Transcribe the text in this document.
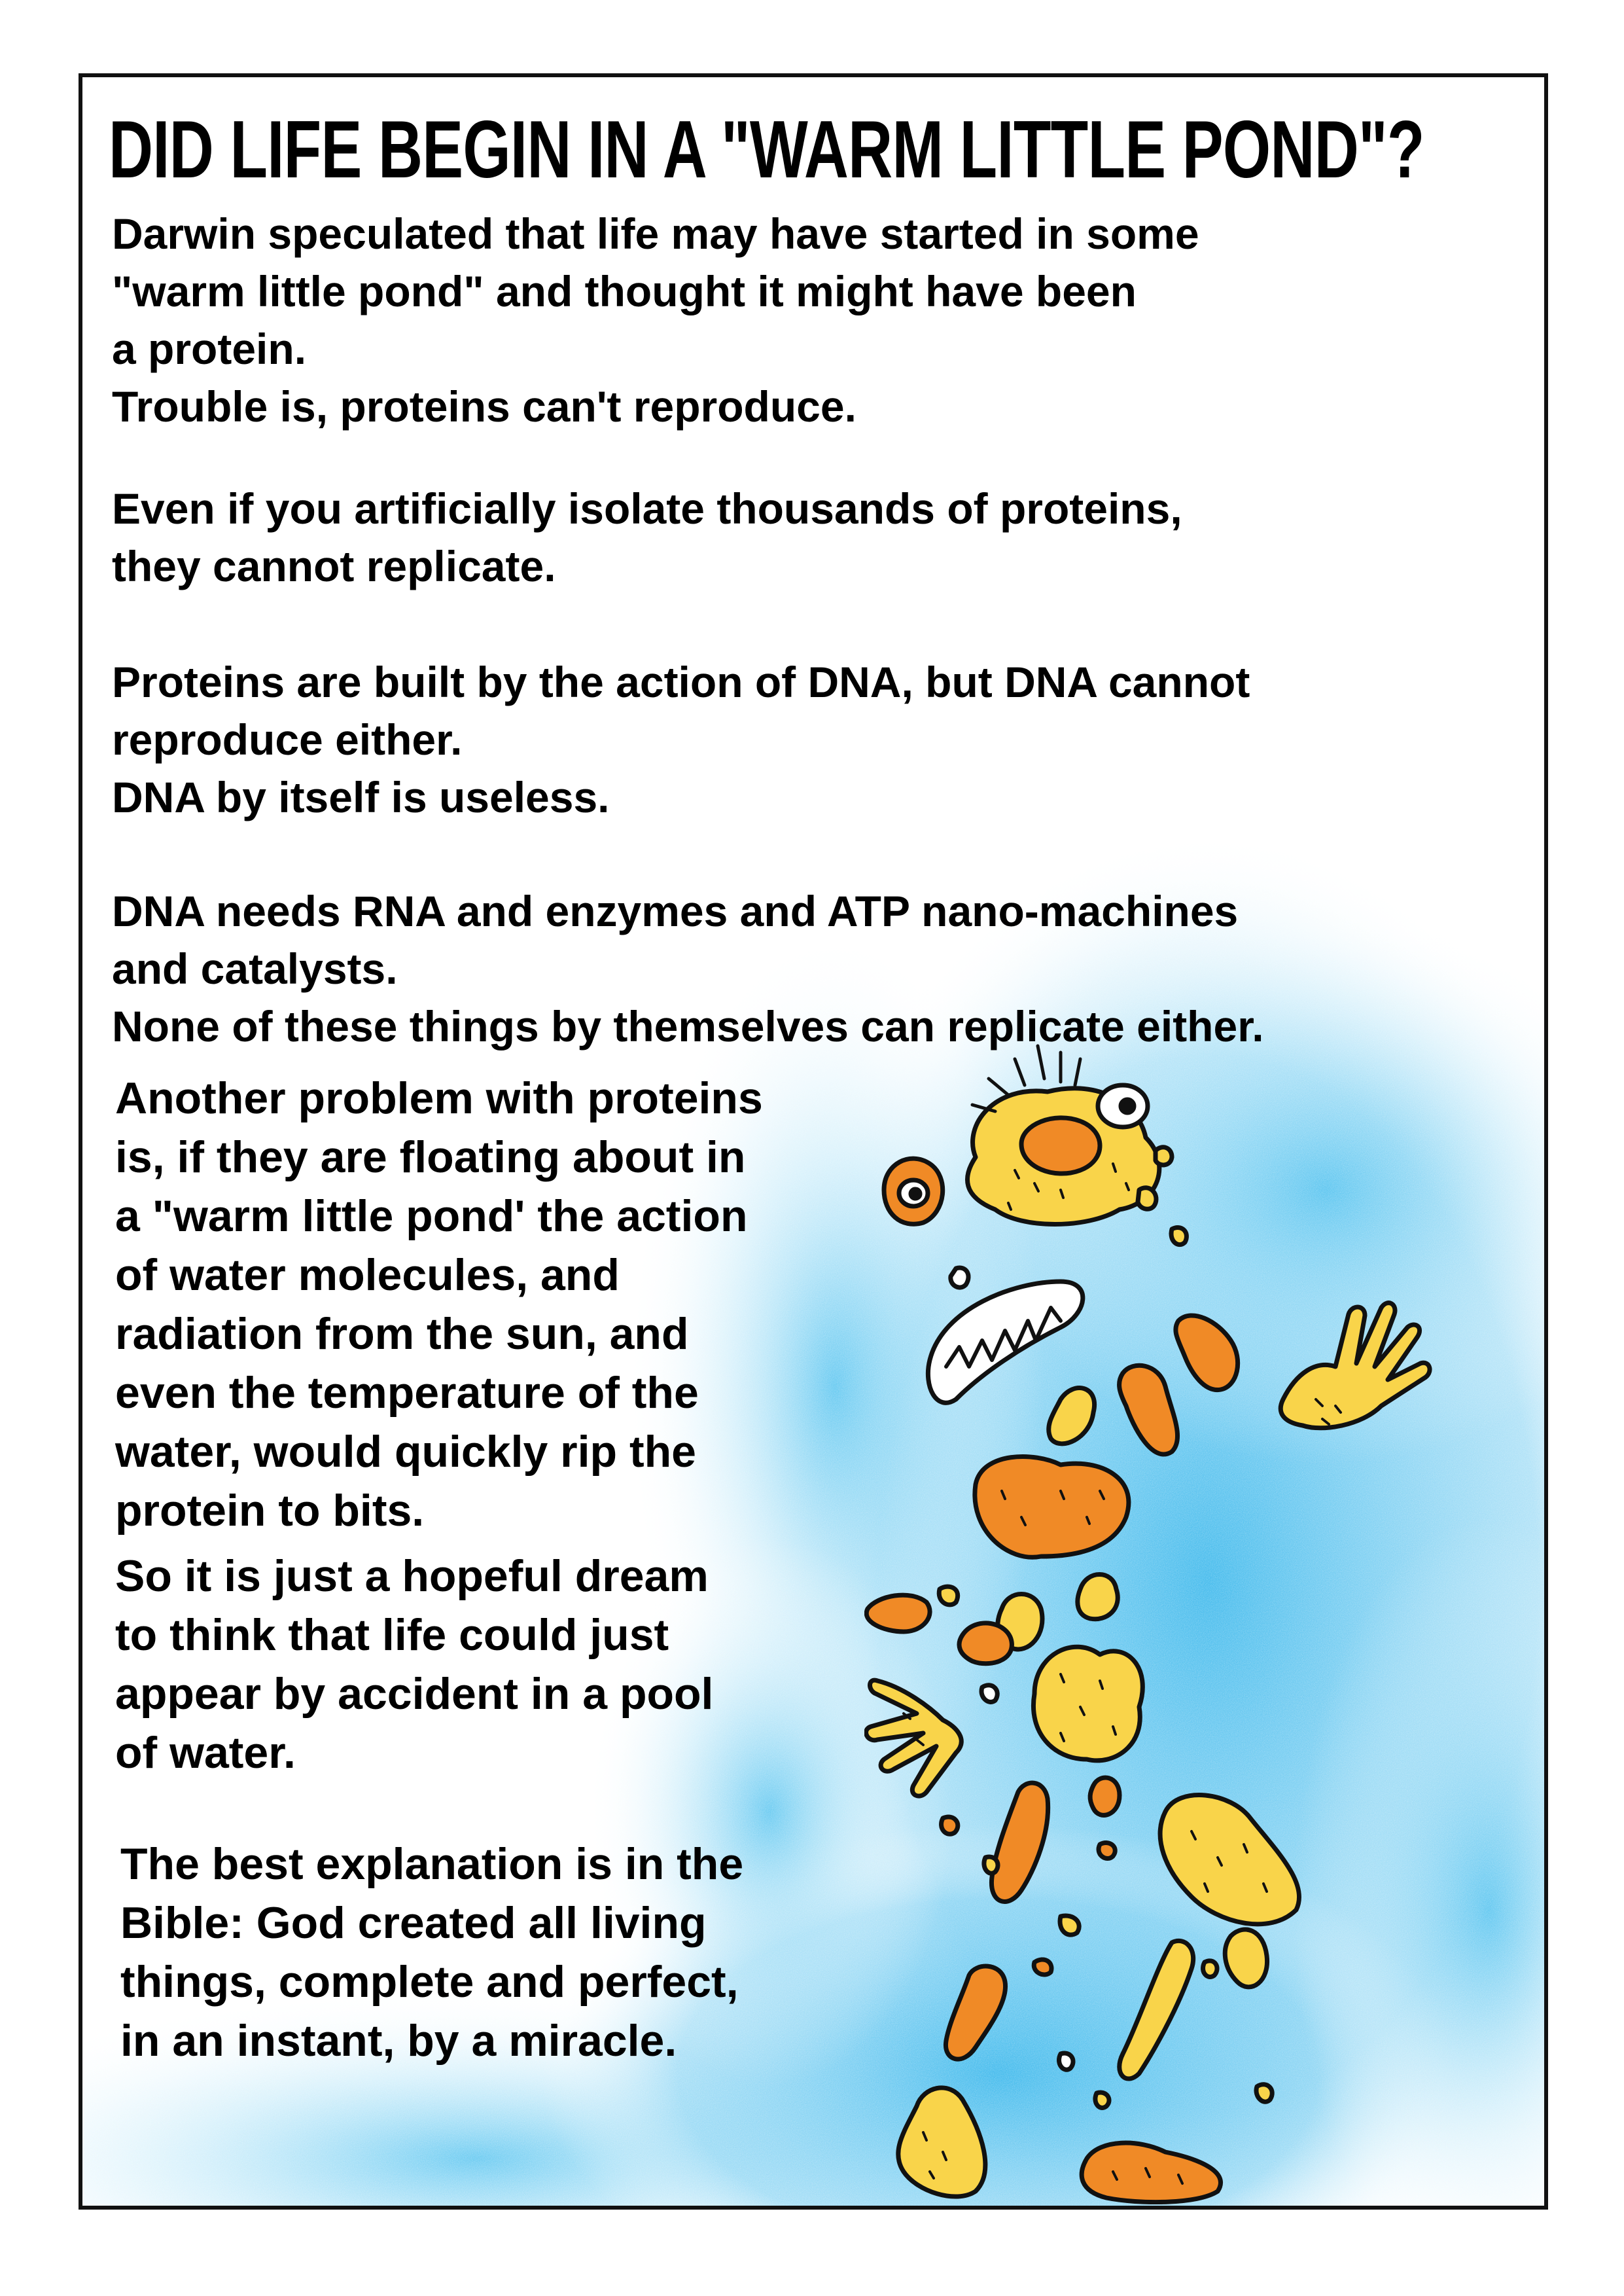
DID LIFE BEGIN IN A "WARM LITTLE POND"?

Darwin speculated that life may have started in some
"warm little pond" and thought it might have been
a protein.
Trouble is, proteins can't reproduce.

Even if you artificially isolate thousands of proteins,
they cannot replicate.

Proteins are built by the action of DNA, but DNA cannot
reproduce either.
DNA by itself is useless.

DNA needs RNA and enzymes and ATP nano-machines
and catalysts.
None of these things by themselves can replicate either.

Another problem with proteins
is, if they are floating about in
a "warm little pond' the action
of water molecules, and
radiation from the sun, and
even the temperature of the
water, would quickly rip the
protein to bits.

So it is just a hopeful dream
to think that life could just
appear by accident in a pool
of water.

The best explanation is in the
Bible: God created all living
things, complete and perfect,
in an instant, by a miracle.
